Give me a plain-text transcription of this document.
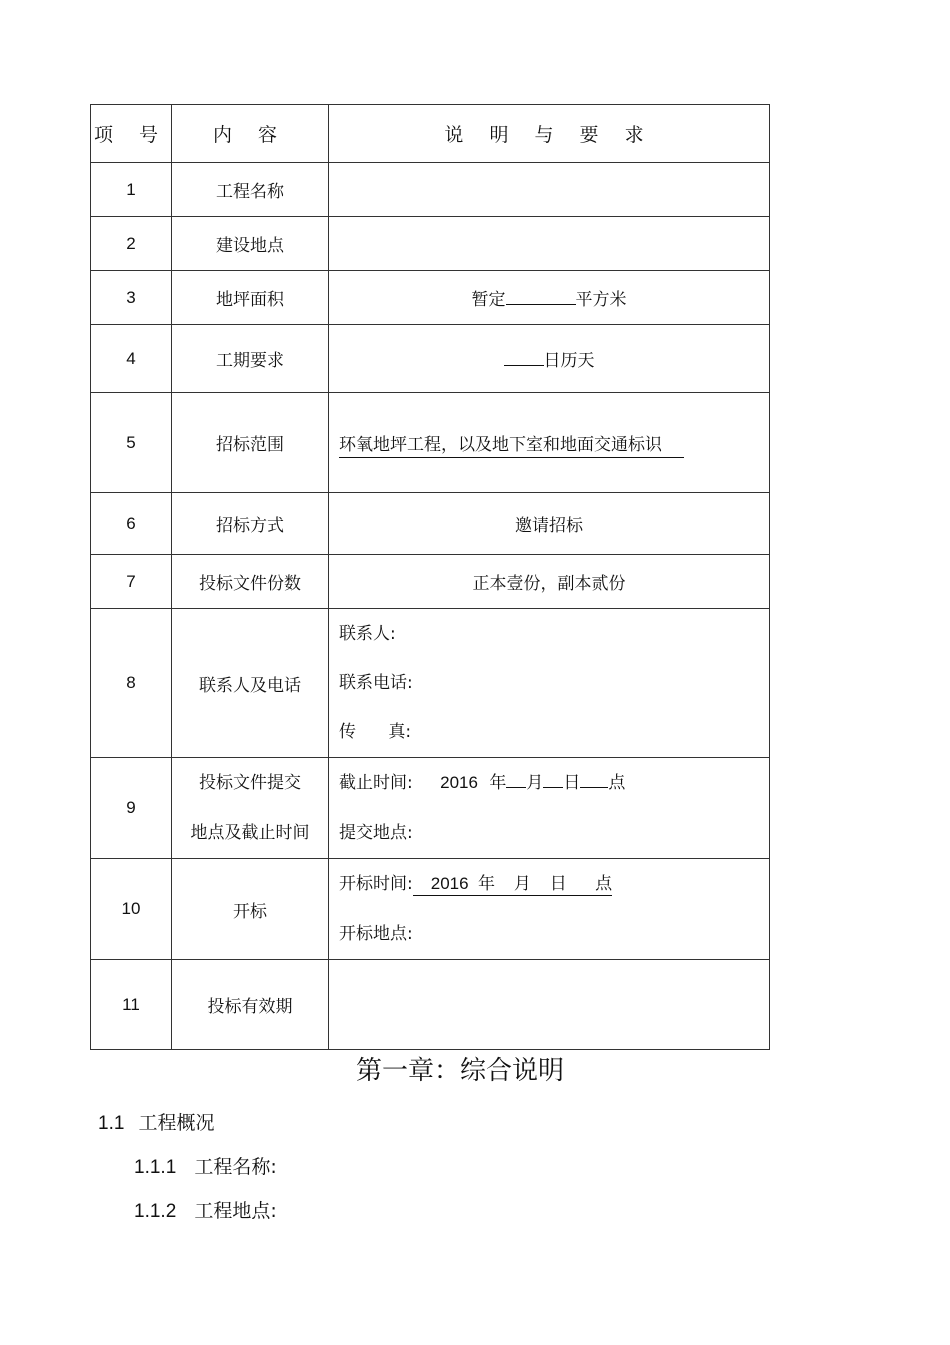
项 号	内 容	说 明 与 要 求
1	工程名称	
2	建设地点	
3	地坪面积	暂定 平方米
4	工期要求	日历天
5	招标范围	环氧地坪工程，以及地下室和地面交通标识
6	招标方式	邀请招标
7	投标文件份数	正本壹份，副本贰份
8	联系人及电话	联系人:
联系电话:
传      真:

9	投标文件提交
地点及截止时间	截止时间: 2016 年 月 日 点
提交地点:

10	开标	开标时间: 2016  年    月    日      点
开标地点:

11	投标有效期	
第一章：综合说明
1.1 工程概况
1.1.1 工程名称:
1.1.2 工程地点:
